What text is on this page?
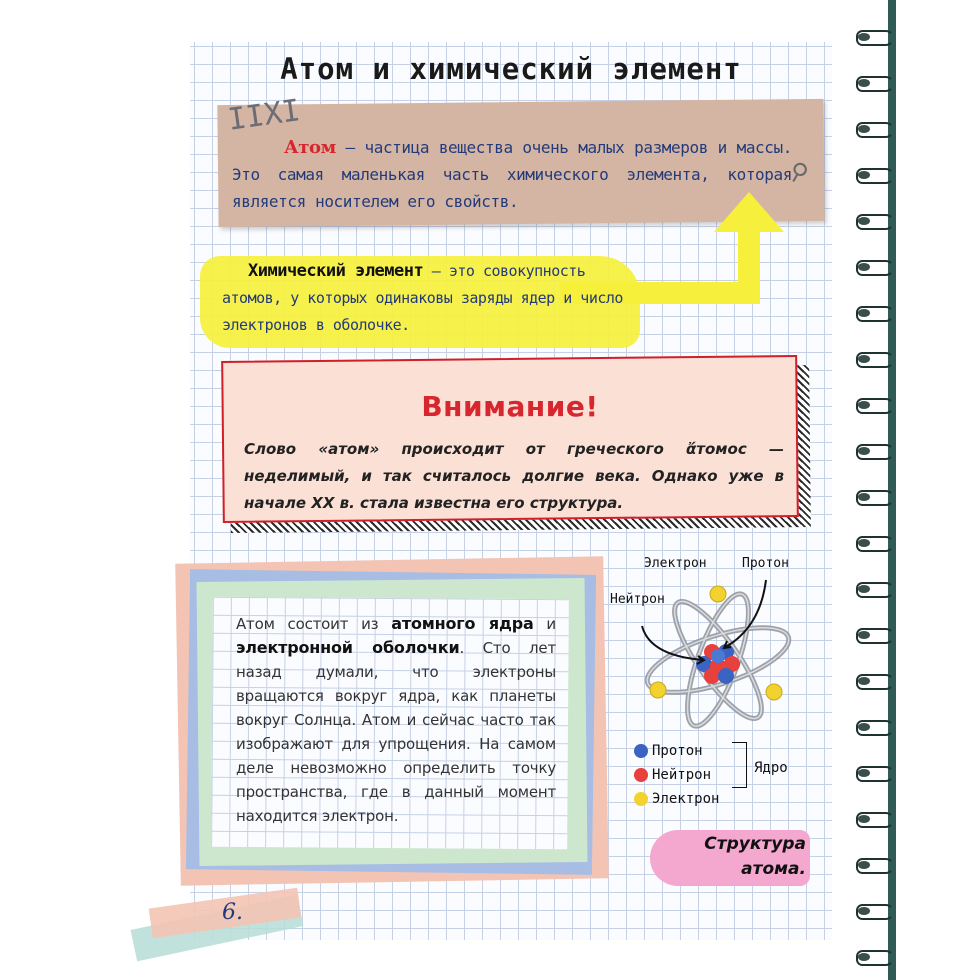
Атом и химический элемент
IIXI
⚲
Атом – частица вещества очень малых размеров и массы. Это самая маленькая часть химического элемента, которая является носителем его свойств.
Химический элемент – это совокупность атомов, у которых одинаковы заряды ядер и число электронов в оболочке.
Внимание!
Слово «атом» происходит от греческого ἄтомос — неделимый, и так считалось долгие века. Однако уже в начале XX в. стала известна его структура.
Атом состоит из атомного ядра и электронной оболочки. Сто лет назад думали, что электроны вращаются вокруг ядра, как планеты вокруг Солнца. Атом и сейчас часто так изображают для упрощения. На самом деле невозможно определить точку пространства, где в данный момент находится электрон.
Электрон	Протон
Нейтрон
Протон
Нейтрон
Электрон
Ядро
Структура
атома.
6.
